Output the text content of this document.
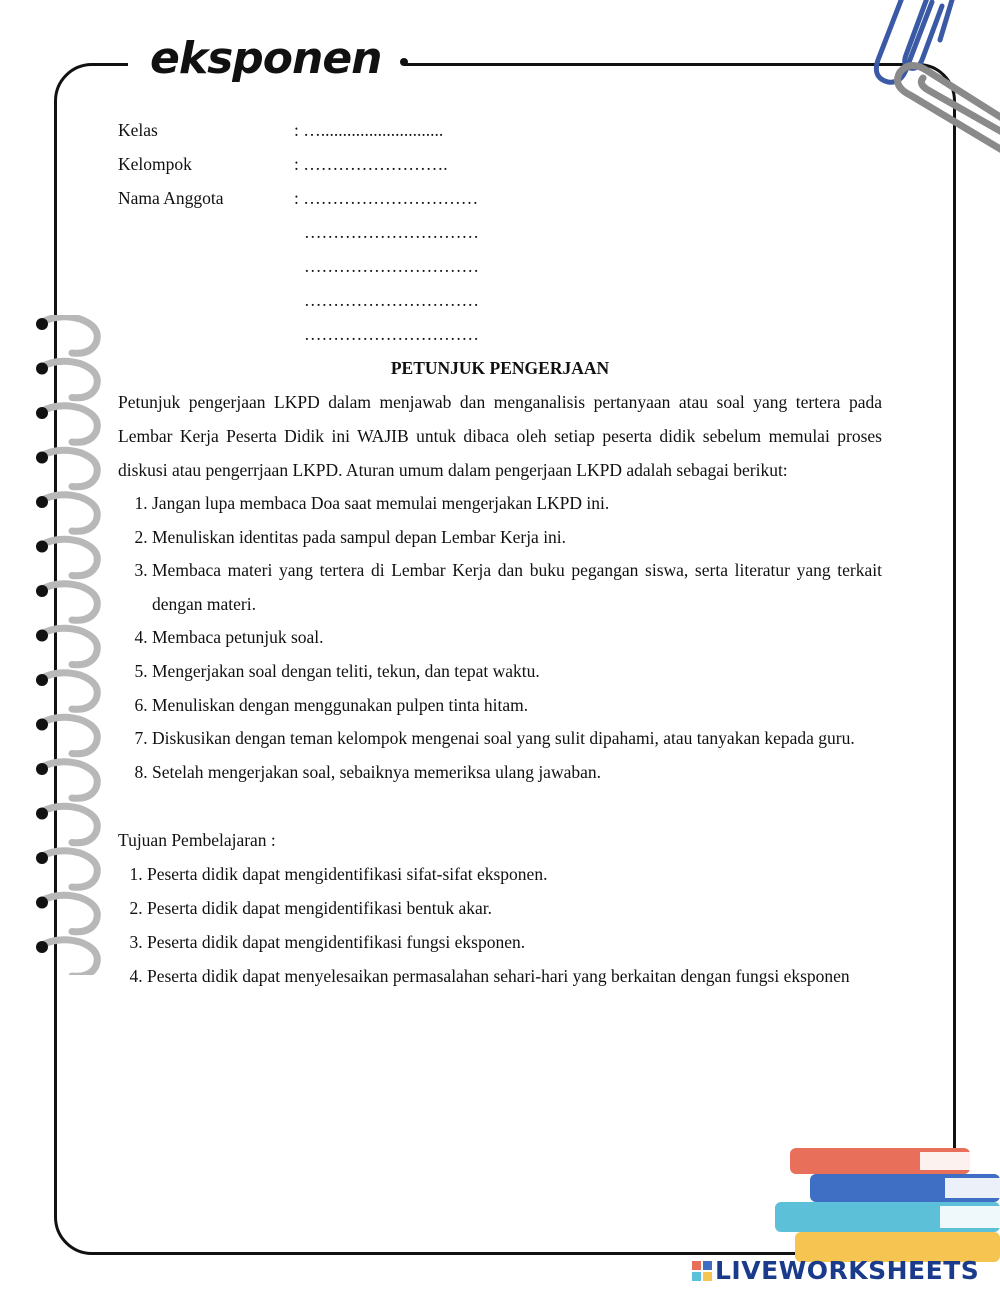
eksponen
Kelas	: …............................
Kelompok	: …………………….
Nama Anggota	: …………………………
…………………………
…………………………
…………………………
…………………………
PETUNJUK PENGERJAAN
Petunjuk pengerjaan LKPD dalam menjawab dan menganalisis pertanyaan atau soal yang tertera pada Lembar Kerja Peserta Didik ini WAJIB untuk dibaca oleh setiap peserta didik sebelum memulai proses diskusi atau pengerrjaan LKPD. Aturan umum dalam pengerjaan LKPD adalah sebagai berikut:
1. Jangan lupa membaca Doa saat memulai mengerjakan LKPD ini.
2. Menuliskan identitas pada sampul depan Lembar Kerja ini.
3. Membaca materi yang tertera di Lembar Kerja dan buku pegangan siswa, serta literatur yang terkait dengan materi.
4. Membaca petunjuk soal.
5. Mengerjakan soal dengan teliti, tekun, dan tepat waktu.
6. Menuliskan dengan menggunakan pulpen tinta hitam.
7. Diskusikan dengan teman kelompok mengenai soal yang sulit dipahami, atau tanyakan kepada guru.
8. Setelah mengerjakan soal, sebaiknya memeriksa ulang jawaban.
Tujuan Pembelajaran :
1. Peserta didik dapat mengidentifikasi sifat-sifat eksponen.
2. Peserta didik dapat mengidentifikasi bentuk akar.
3. Peserta didik dapat mengidentifikasi fungsi eksponen.
4. Peserta didik dapat menyelesaikan permasalahan sehari-hari yang berkaitan dengan fungsi eksponen
LIVEWORKSHEETS
